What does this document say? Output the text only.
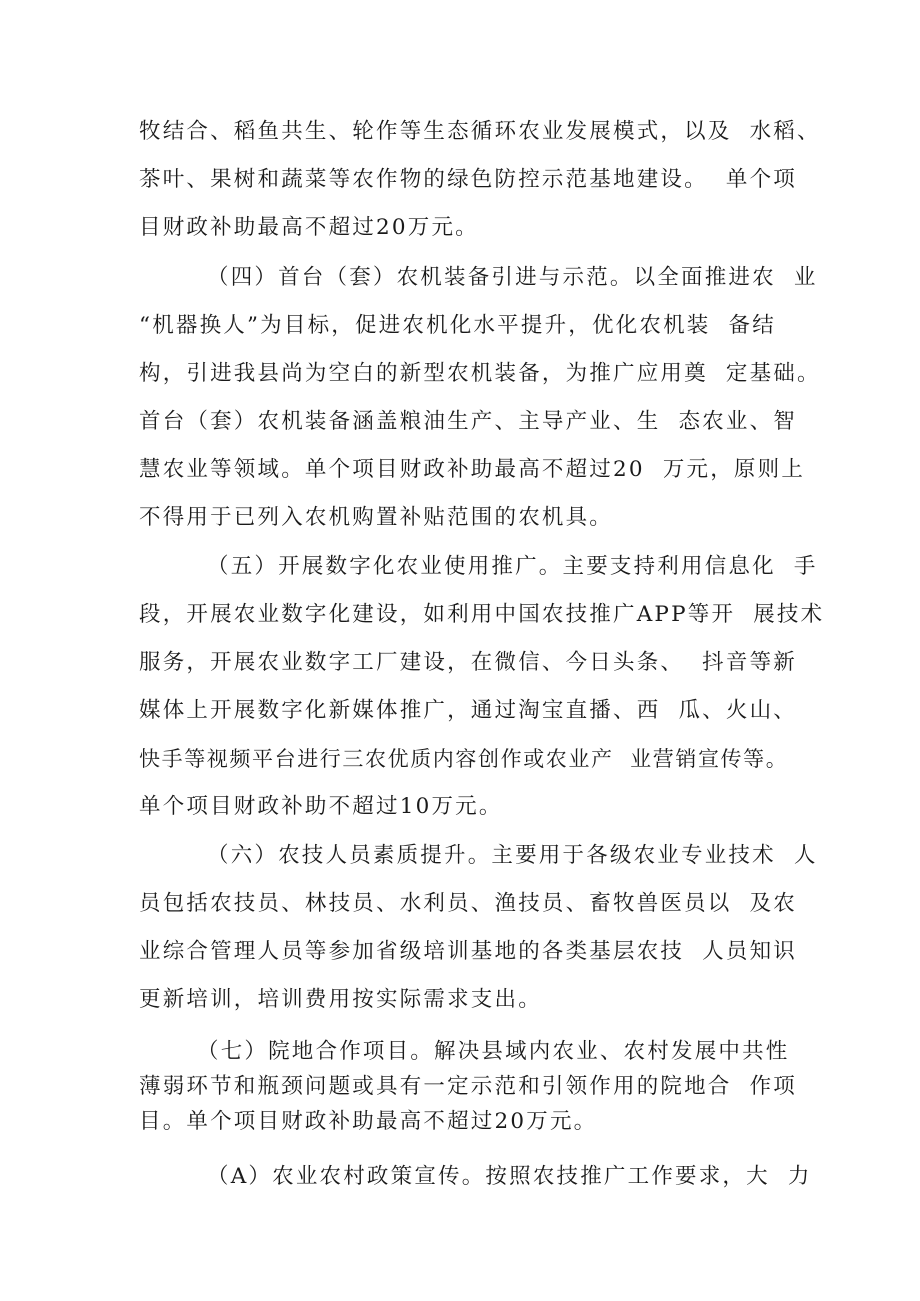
牧结合、稻鱼共生、轮作等生态循环农业发展模式，以及  水稻、
茶叶、果树和蔬菜等农作物的绿色防控示范基地建设。  单个项
目财政补助最高不超过20万元。
（四）首台（套）农机装备引进与示范。以全面推进农  业
“机器换人”为目标，促进农机化水平提升，优化农机装  备结
构，引进我县尚为空白的新型农机装备，为推广应用奠  定基础。
首台（套）农机装备涵盖粮油生产、主导产业、生  态农业、智
慧农业等领域。单个项目财政补助最高不超过20  万元，原则上
不得用于已列入农机购置补贴范围的农机具。
（五）开展数字化农业使用推广。主要支持利用信息化  手
段，开展农业数字化建设，如利用中国农技推广APP等开  展技术
服务，开展农业数字工厂建设，在微信、今日头条、  抖音等新
媒体上开展数字化新媒体推广，通过淘宝直播、西  瓜、火山、
快手等视频平台进行三农优质内容创作或农业产  业营销宣传等。
单个项目财政补助不超过10万元。
（六）农技人员素质提升。主要用于各级农业专业技术  人
员包括农技员、林技员、水利员、渔技员、畜牧兽医员以  及农
业综合管理人员等参加省级培训基地的各类基层农技  人员知识
更新培训，培训费用按实际需求支出。
（七）院地合作项目。解决县域内农业、农村发展中共性
薄弱环节和瓶颈问题或具有一定示范和引领作用的院地合  作项
目。单个项目财政补助最高不超过20万元。
（A）农业农村政策宣传。按照农技推广工作要求，大  力
